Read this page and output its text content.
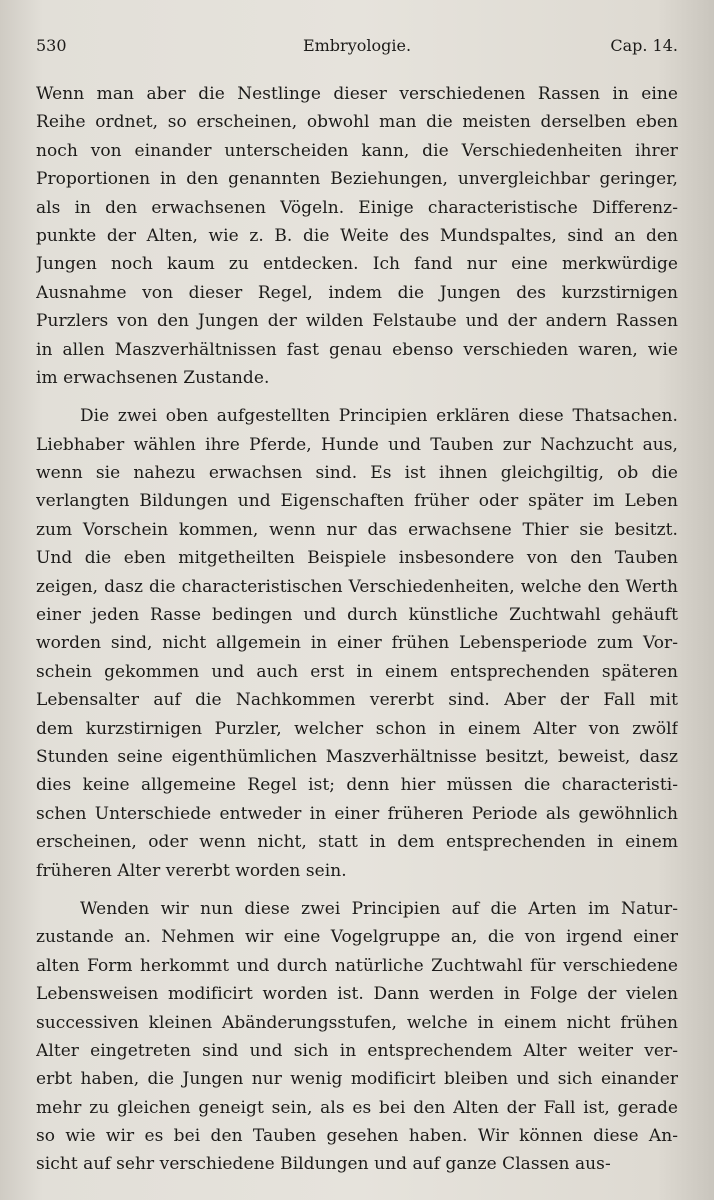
530	Embryologie.	Cap. 14.
Wenn man aber die Nestlinge dieser verschiedenen Rassen in eine
Reihe ordnet, so erscheinen, obwohl man die meisten derselben eben
noch von einander unterscheiden kann, die Verschiedenheiten ihrer
Proportionen in den genannten Beziehungen, unvergleichbar geringer,
als in den erwachsenen Vögeln. Einige characteristische Differenz-
punkte der Alten, wie z. B. die Weite des Mundspaltes, sind an den
Jungen noch kaum zu entdecken. Ich fand nur eine merkwürdige
Ausnahme von dieser Regel, indem die Jungen des kurzstirnigen
Purzlers von den Jungen der wilden Felstaube und der andern Rassen
in allen Maszverhältnissen fast genau ebenso verschieden waren, wie
im erwachsenen Zustande.
Die zwei oben aufgestellten Principien erklären diese Thatsachen.
Liebhaber wählen ihre Pferde, Hunde und Tauben zur Nachzucht aus,
wenn sie nahezu erwachsen sind. Es ist ihnen gleichgiltig, ob die
verlangten Bildungen und Eigenschaften früher oder später im Leben
zum Vorschein kommen, wenn nur das erwachsene Thier sie besitzt.
Und die eben mitgetheilten Beispiele insbesondere von den Tauben
zeigen, dasz die characteristischen Verschiedenheiten, welche den Werth
einer jeden Rasse bedingen und durch künstliche Zuchtwahl gehäuft
worden sind, nicht allgemein in einer frühen Lebensperiode zum Vor-
schein gekommen und auch erst in einem entsprechenden späteren
Lebensalter auf die Nachkommen vererbt sind. Aber der Fall mit
dem kurzstirnigen Purzler, welcher schon in einem Alter von zwölf
Stunden seine eigenthümlichen Maszverhältnisse besitzt, beweist, dasz
dies keine allgemeine Regel ist; denn hier müssen die characteristi-
schen Unterschiede entweder in einer früheren Periode als gewöhnlich
erscheinen, oder wenn nicht, statt in dem entsprechenden in einem
früheren Alter vererbt worden sein.
Wenden wir nun diese zwei Principien auf die Arten im Natur-
zustande an. Nehmen wir eine Vogelgruppe an, die von irgend einer
alten Form herkommt und durch natürliche Zuchtwahl für verschiedene
Lebensweisen modificirt worden ist. Dann werden in Folge der vielen
successiven kleinen Abänderungsstufen, welche in einem nicht frühen
Alter eingetreten sind und sich in entsprechendem Alter weiter ver-
erbt haben, die Jungen nur wenig modificirt bleiben und sich einander
mehr zu gleichen geneigt sein, als es bei den Alten der Fall ist, gerade
so wie wir es bei den Tauben gesehen haben. Wir können diese An-
sicht auf sehr verschiedene Bildungen und auf ganze Classen aus-
